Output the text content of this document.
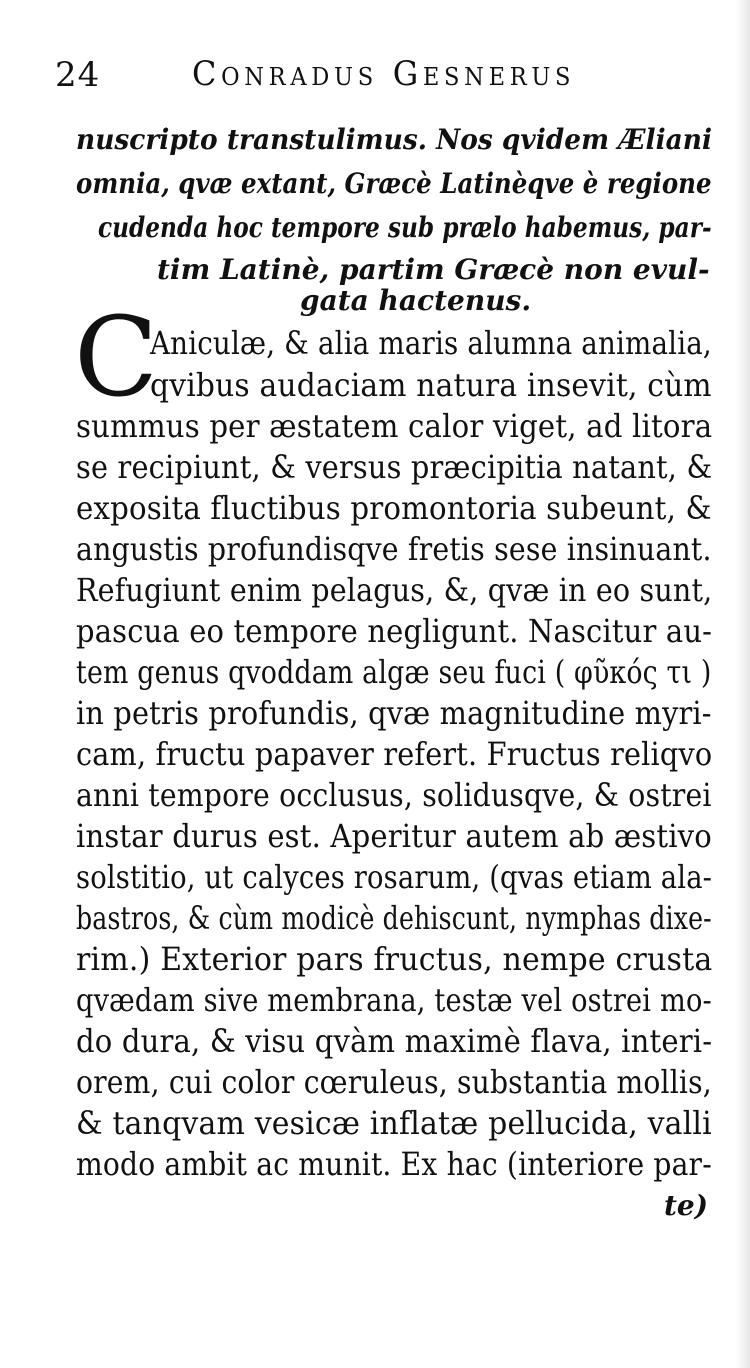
24	Conradus Gesnerus
nuscripto transtulimus. Nos qvidem Æliani
omnia, qvæ extant, Græcè Latinèqve è regione
cudenda hoc tempore sub prælo habemus, par-
tim Latinè, partim Græcè non evul-
gata hactenus.
C
Aniculæ, & alia maris alumna animalia,
qvibus audaciam natura insevit, cùm
summus per æstatem calor viget, ad litora
se recipiunt, & versus præcipitia natant, &
exposita fluctibus promontoria subeunt, &
angustis profundisqve fretis sese insinuant.
Refugiunt enim pelagus, &, qvæ in eo sunt,
pascua eo tempore negligunt. Nascitur au-
tem genus qvoddam algæ seu fuci ( φῦκός τι )
in petris profundis, qvæ magnitudine myri-
cam, fructu papaver refert. Fructus reliqvo
anni tempore occlusus, solidusqve, & ostrei
instar durus est. Aperitur autem ab æstivo
solstitio, ut calyces rosarum, (qvas etiam ala-
bastros, & cùm modicè dehiscunt, nymphas dixe-
rim.) Exterior pars fructus, nempe crusta
qvædam sive membrana, testæ vel ostrei mo-
do dura, & visu qvàm maximè flava, interi-
orem, cui color cœruleus, substantia mollis,
& tanqvam vesicæ inflatæ pellucida, valli
modo ambit ac munit. Ex hac (interiore par-
te)
